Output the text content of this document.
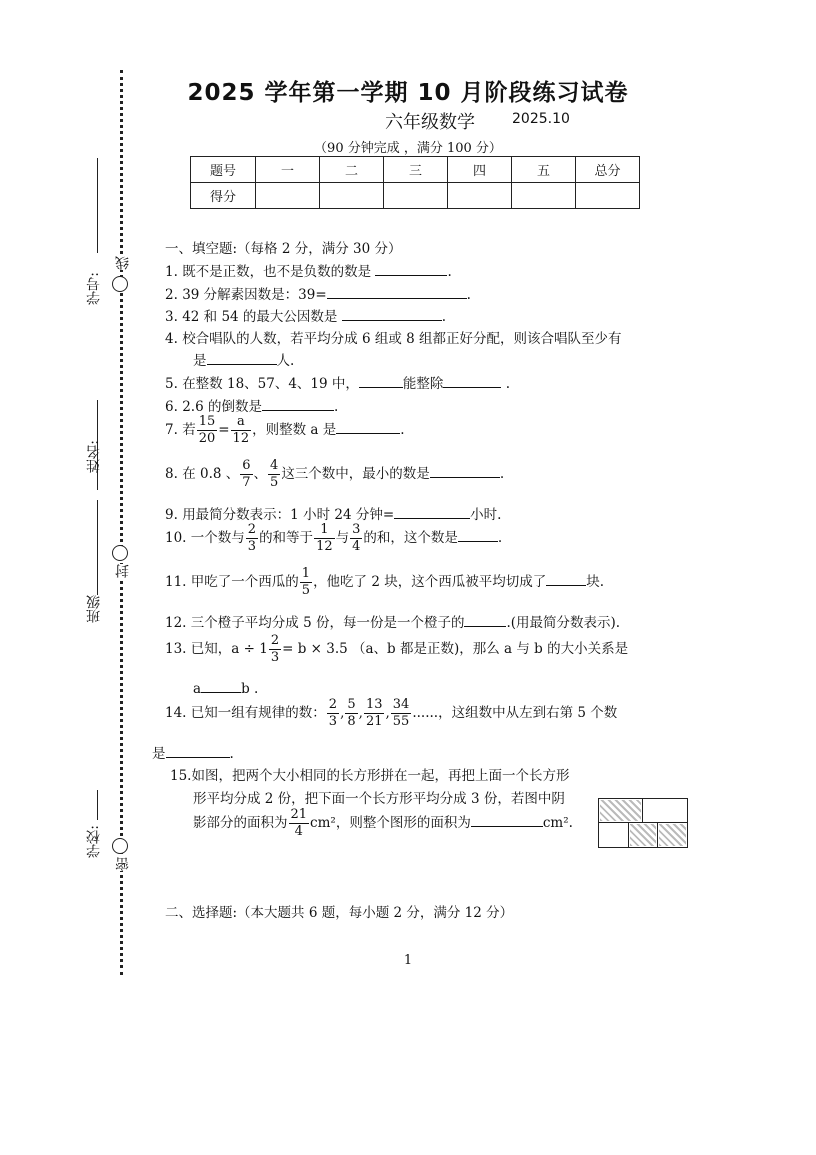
学号:
姓名:
班级
学校:
线
封
密
2025 学年第一学期 10 月阶段练习试卷
六年级数学	2025.10
（90 分钟完成 ，满分 100 分）
题号	一	二	三	四	五	总分
得分						
一、填空题:（每格 2 分，满分 30 分）
1. 既不是正数，也不是负数的数是	.
2. 39 分解素因数是：39=	.
3. 42 和 54 的最大公因数是	.
4. 校合唱队的人数，若平均分成 6 组或 8 组都正好分配，则该合唱队至少有
是	人.
5. 在整数 18、57、4、19 中，	能整除	.
6. 2.6 的倒数是	.
7. 若 $\frac{15}{20} = \frac{a}{12}$ ，则整数 a 是	.
8. 在 0.8̇ 、 $\frac{6}{7}$ 、 $\frac{4}{5}$ 这三个数中，最小的数是	.
9. 用最简分数表示：1 小时 24 分钟=	小时.
10. 一个数与 $\frac{2}{3}$ 的和等于 $\frac{1}{12}$ 与 $\frac{3}{4}$ 的和，这个数是	.
11. 甲吃了一个西瓜的 $\frac{1}{5}$ ，他吃了 2 块，这个西瓜被平均切成了	块.
12. 三个橙子平均分成 5 份，每一份是一个橙子的	.(用最简分数表示).
13. 已知，$a \div 1 \frac{2}{3} = b \times 3.5$ （a、b 都是正数)，那么 a 与 b 的大小关系是
a	b .
14. 已知一组有规律的数： $\frac{2}{3}$ , $\frac{5}{8}$ , $\frac{13}{21}$ , $\frac{34}{55}$ ......，这组数中从左到右第 5 个数
是	.
15.如图，把两个大小相同的长方形拼在一起，再把上面一个长方形
形平均分成 2 份，把下面一个长方形平均分成 3 份，若图中阴
影部分的面积为 $\frac{21}{4} cm^2$，则整个图形的面积为	cm².
二、选择题:（本大题共 6 题，每小题 2 分，满分 12 分）
1
